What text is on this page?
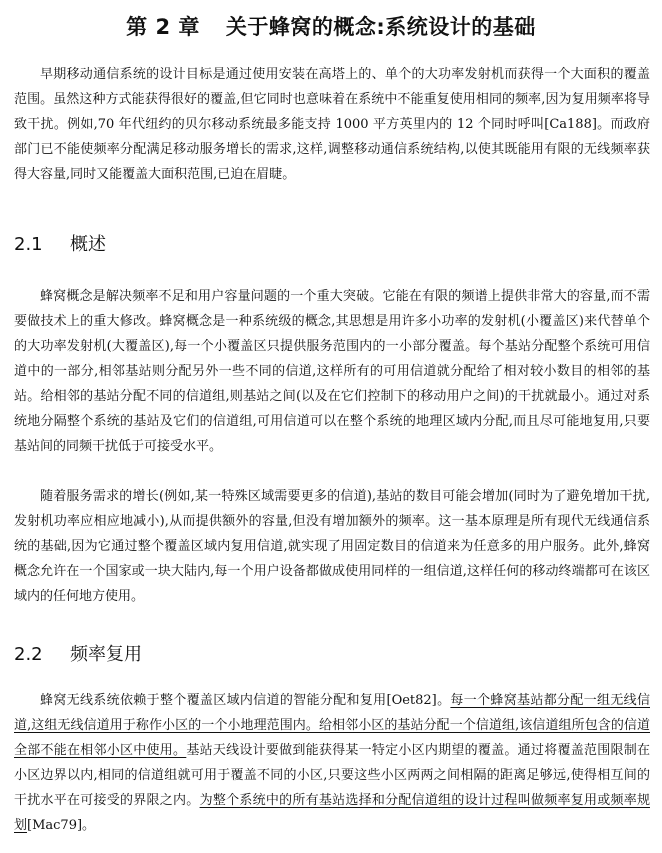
第 2 章 关于蜂窝的概念:系统设计的基础

早期移动通信系统的设计目标是通过使用安装在高塔上的、单个的大功率发射机而获得一个大面积的覆盖范围。虽然这种方式能获得很好的覆盖,但它同时也意味着在系统中不能重复使用相同的频率,因为复用频率将导致干扰。例如,70 年代纽约的贝尔移动系统最多能支持 1000 平方英里内的 12 个同时呼叫[Ca188]。而政府部门已不能使频率分配满足移动服务增长的需求,这样,调整移动通信系统结构,以使其既能用有限的无线频率获得大容量,同时又能覆盖大面积范围,已迫在眉睫。

2.1 概述

蜂窝概念是解决频率不足和用户容量问题的一个重大突破。它能在有限的频谱上提供非常大的容量,而不需要做技术上的重大修改。蜂窝概念是一种系统级的概念,其思想是用许多小功率的发射机(小覆盖区)来代替单个的大功率发射机(大覆盖区),每一个小覆盖区只提供服务范围内的一小部分覆盖。每个基站分配整个系统可用信道中的一部分,相邻基站则分配另外一些不同的信道,这样所有的可用信道就分配给了相对较小数目的相邻的基站。给相邻的基站分配不同的信道组,则基站之间(以及在它们控制下的移动用户之间)的干扰就最小。通过对系统地分隔整个系统的基站及它们的信道组,可用信道可以在整个系统的地理区域内分配,而且尽可能地复用,只要基站间的同频干扰低于可接受水平。

随着服务需求的增长(例如,某一特殊区域需要更多的信道),基站的数目可能会增加(同时为了避免增加干扰,发射机功率应相应地减小),从而提供额外的容量,但没有增加额外的频率。这一基本原理是所有现代无线通信系统的基础,因为它通过整个覆盖区域内复用信道,就实现了用固定数目的信道来为任意多的用户服务。此外,蜂窝概念允许在一个国家或一块大陆内,每一个用户设备都做成使用同样的一组信道,这样任何的移动终端都可在该区域内的任何地方使用。

2.2 频率复用

蜂窝无线系统依赖于整个覆盖区域内信道的智能分配和复用[Oet82]。每一个蜂窝基站都分配一组无线信道,这组无线信道用于称作小区的一个小地理范围内。给相邻小区的基站分配一个信道组,该信道组所包含的信道全部不能在相邻小区中使用。基站天线设计要做到能获得某一特定小区内期望的覆盖。通过将覆盖范围限制在小区边界以内,相同的信道组就可用于覆盖不同的小区,只要这些小区两两之间相隔的距离足够远,使得相互间的干扰水平在可接受的界限之内。为整个系统中的所有基站选择和分配信道组的设计过程叫做频率复用或频率规划[Mac79]。
